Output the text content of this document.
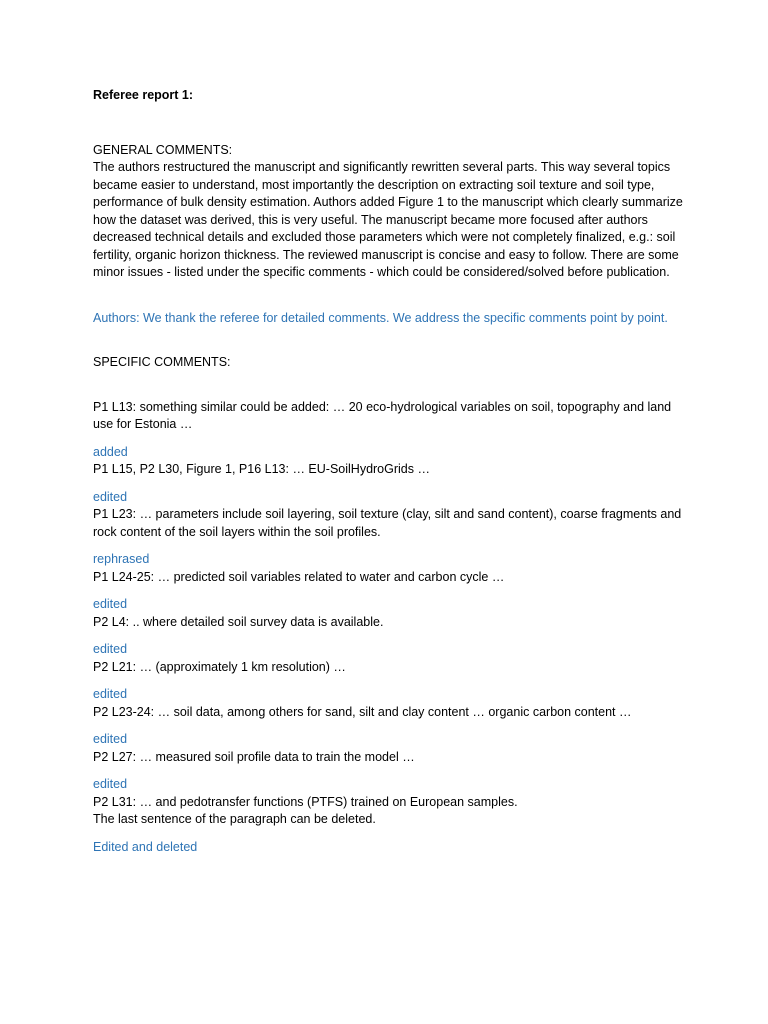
Referee report 1:

GENERAL COMMENTS:

The authors restructured the manuscript and significantly rewritten several parts. This way several topics became easier to understand, most importantly the description on extracting soil texture and soil type, performance of bulk density estimation. Authors added Figure 1 to the manuscript which clearly summarize how the dataset was derived, this is very useful. The manuscript became more focused after authors decreased technical details and excluded those parameters which were not completely finalized, e.g.: soil fertility, organic horizon thickness. The reviewed manuscript is concise and easy to follow. There are some minor issues - listed under the specific comments - which could be considered/solved before publication.

Authors: We thank the referee for detailed comments. We address the specific comments point by point.

SPECIFIC COMMENTS:

P1 L13: something similar could be added: … 20 eco-hydrological variables on soil, topography and land use for Estonia …

added

P1 L15, P2 L30, Figure 1, P16 L13: … EU-SoilHydroGrids …

edited

P1 L23: … parameters include soil layering, soil texture (clay, silt and sand content), coarse fragments and rock content of the soil layers within the soil profiles.

rephrased

P1 L24-25: … predicted soil variables related to water and carbon cycle …

edited

P2 L4: .. where detailed soil survey data is available.

edited

P2 L21: … (approximately 1 km resolution) …

edited

P2 L23-24: … soil data, among others for sand, silt and clay content … organic carbon content …

edited

P2 L27: … measured soil profile data to train the model …

edited

P2 L31: … and pedotransfer functions (PTFS) trained on European samples.

The last sentence of the paragraph can be deleted.

Edited and deleted
